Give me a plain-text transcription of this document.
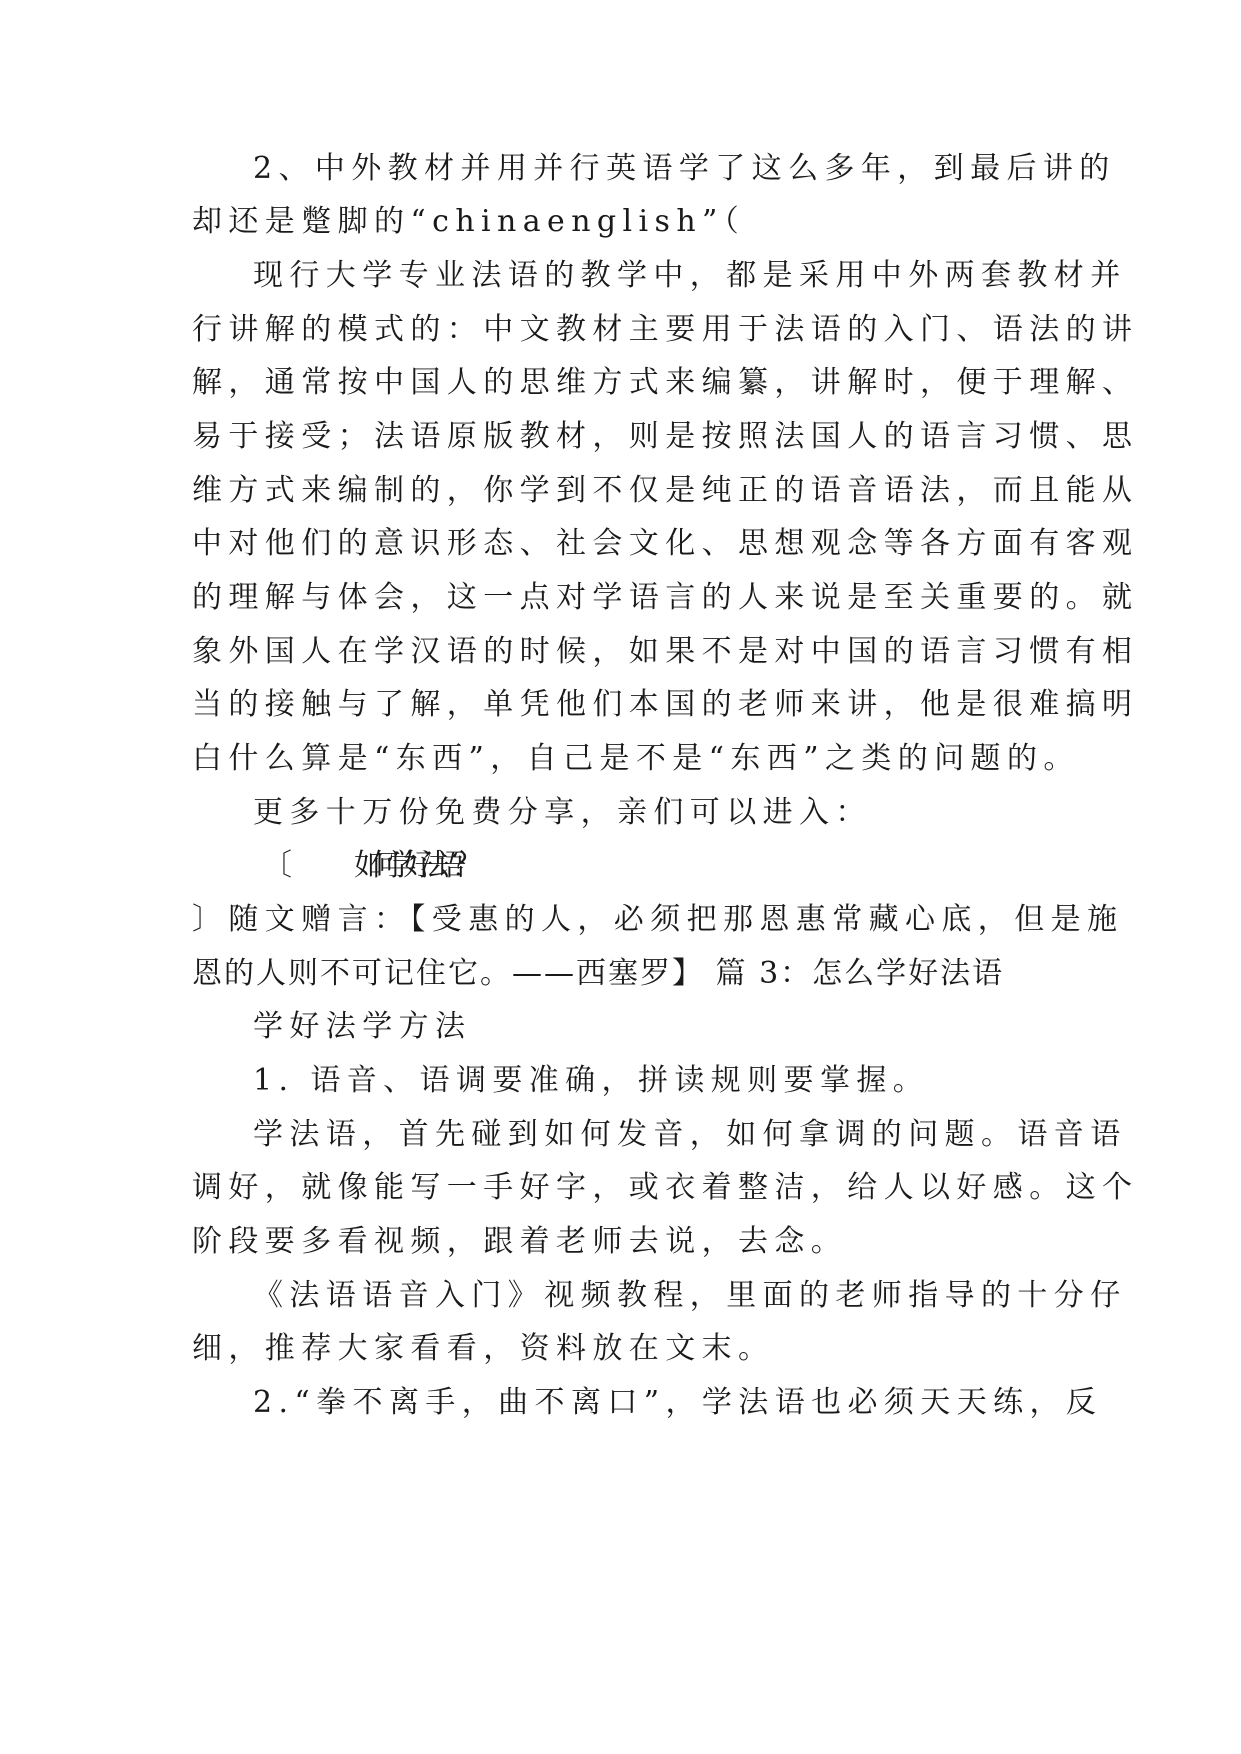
2、中外教材并用并行英语学了这么多年，到最后讲的
却还是蹩脚的“chinaenglish”（
现行大学专业法语的教学中，都是采用中外两套教材并
行讲解的模式的：中文教材主要用于法语的入门、语法的讲
解，通常按中国人的思维方式来编纂，讲解时，便于理解、
易于接受；法语原版教材，则是按照法国人的语言习惯、思
维方式来编制的，你学到不仅是纯正的语音语法，而且能从
中对他们的意识形态、社会文化、思想观念等各方面有客观
的理解与体会，这一点对学语言的人来说是至关重要的。就
象外国人在学汉语的时候，如果不是对中国的语言习惯有相
当的接触与了解，单凭他们本国的老师来讲，他是很难搞明
白什么算是“东西”，自己是不是“东西”之类的问题的。
更多十万份免费分享，亲们可以进入：
〔	如何学好法语？
〕随文赠言：【受惠的人，必须把那恩惠常藏心底，但是施
恩的人则不可记住它。——西塞罗】 篇 3：怎么学好法语
学好法学方法
1. 语音、语调要准确，拼读规则要掌握。
学法语，首先碰到如何发音，如何拿调的问题。语音语
调好，就像能写一手好字，或衣着整洁，给人以好感。这个
阶段要多看视频，跟着老师去说，去念。
《法语语音入门》视频教程，里面的老师指导的十分仔
细，推荐大家看看，资料放在文末。
2.“拳不离手，曲不离口”，学法语也必须天天练，反
